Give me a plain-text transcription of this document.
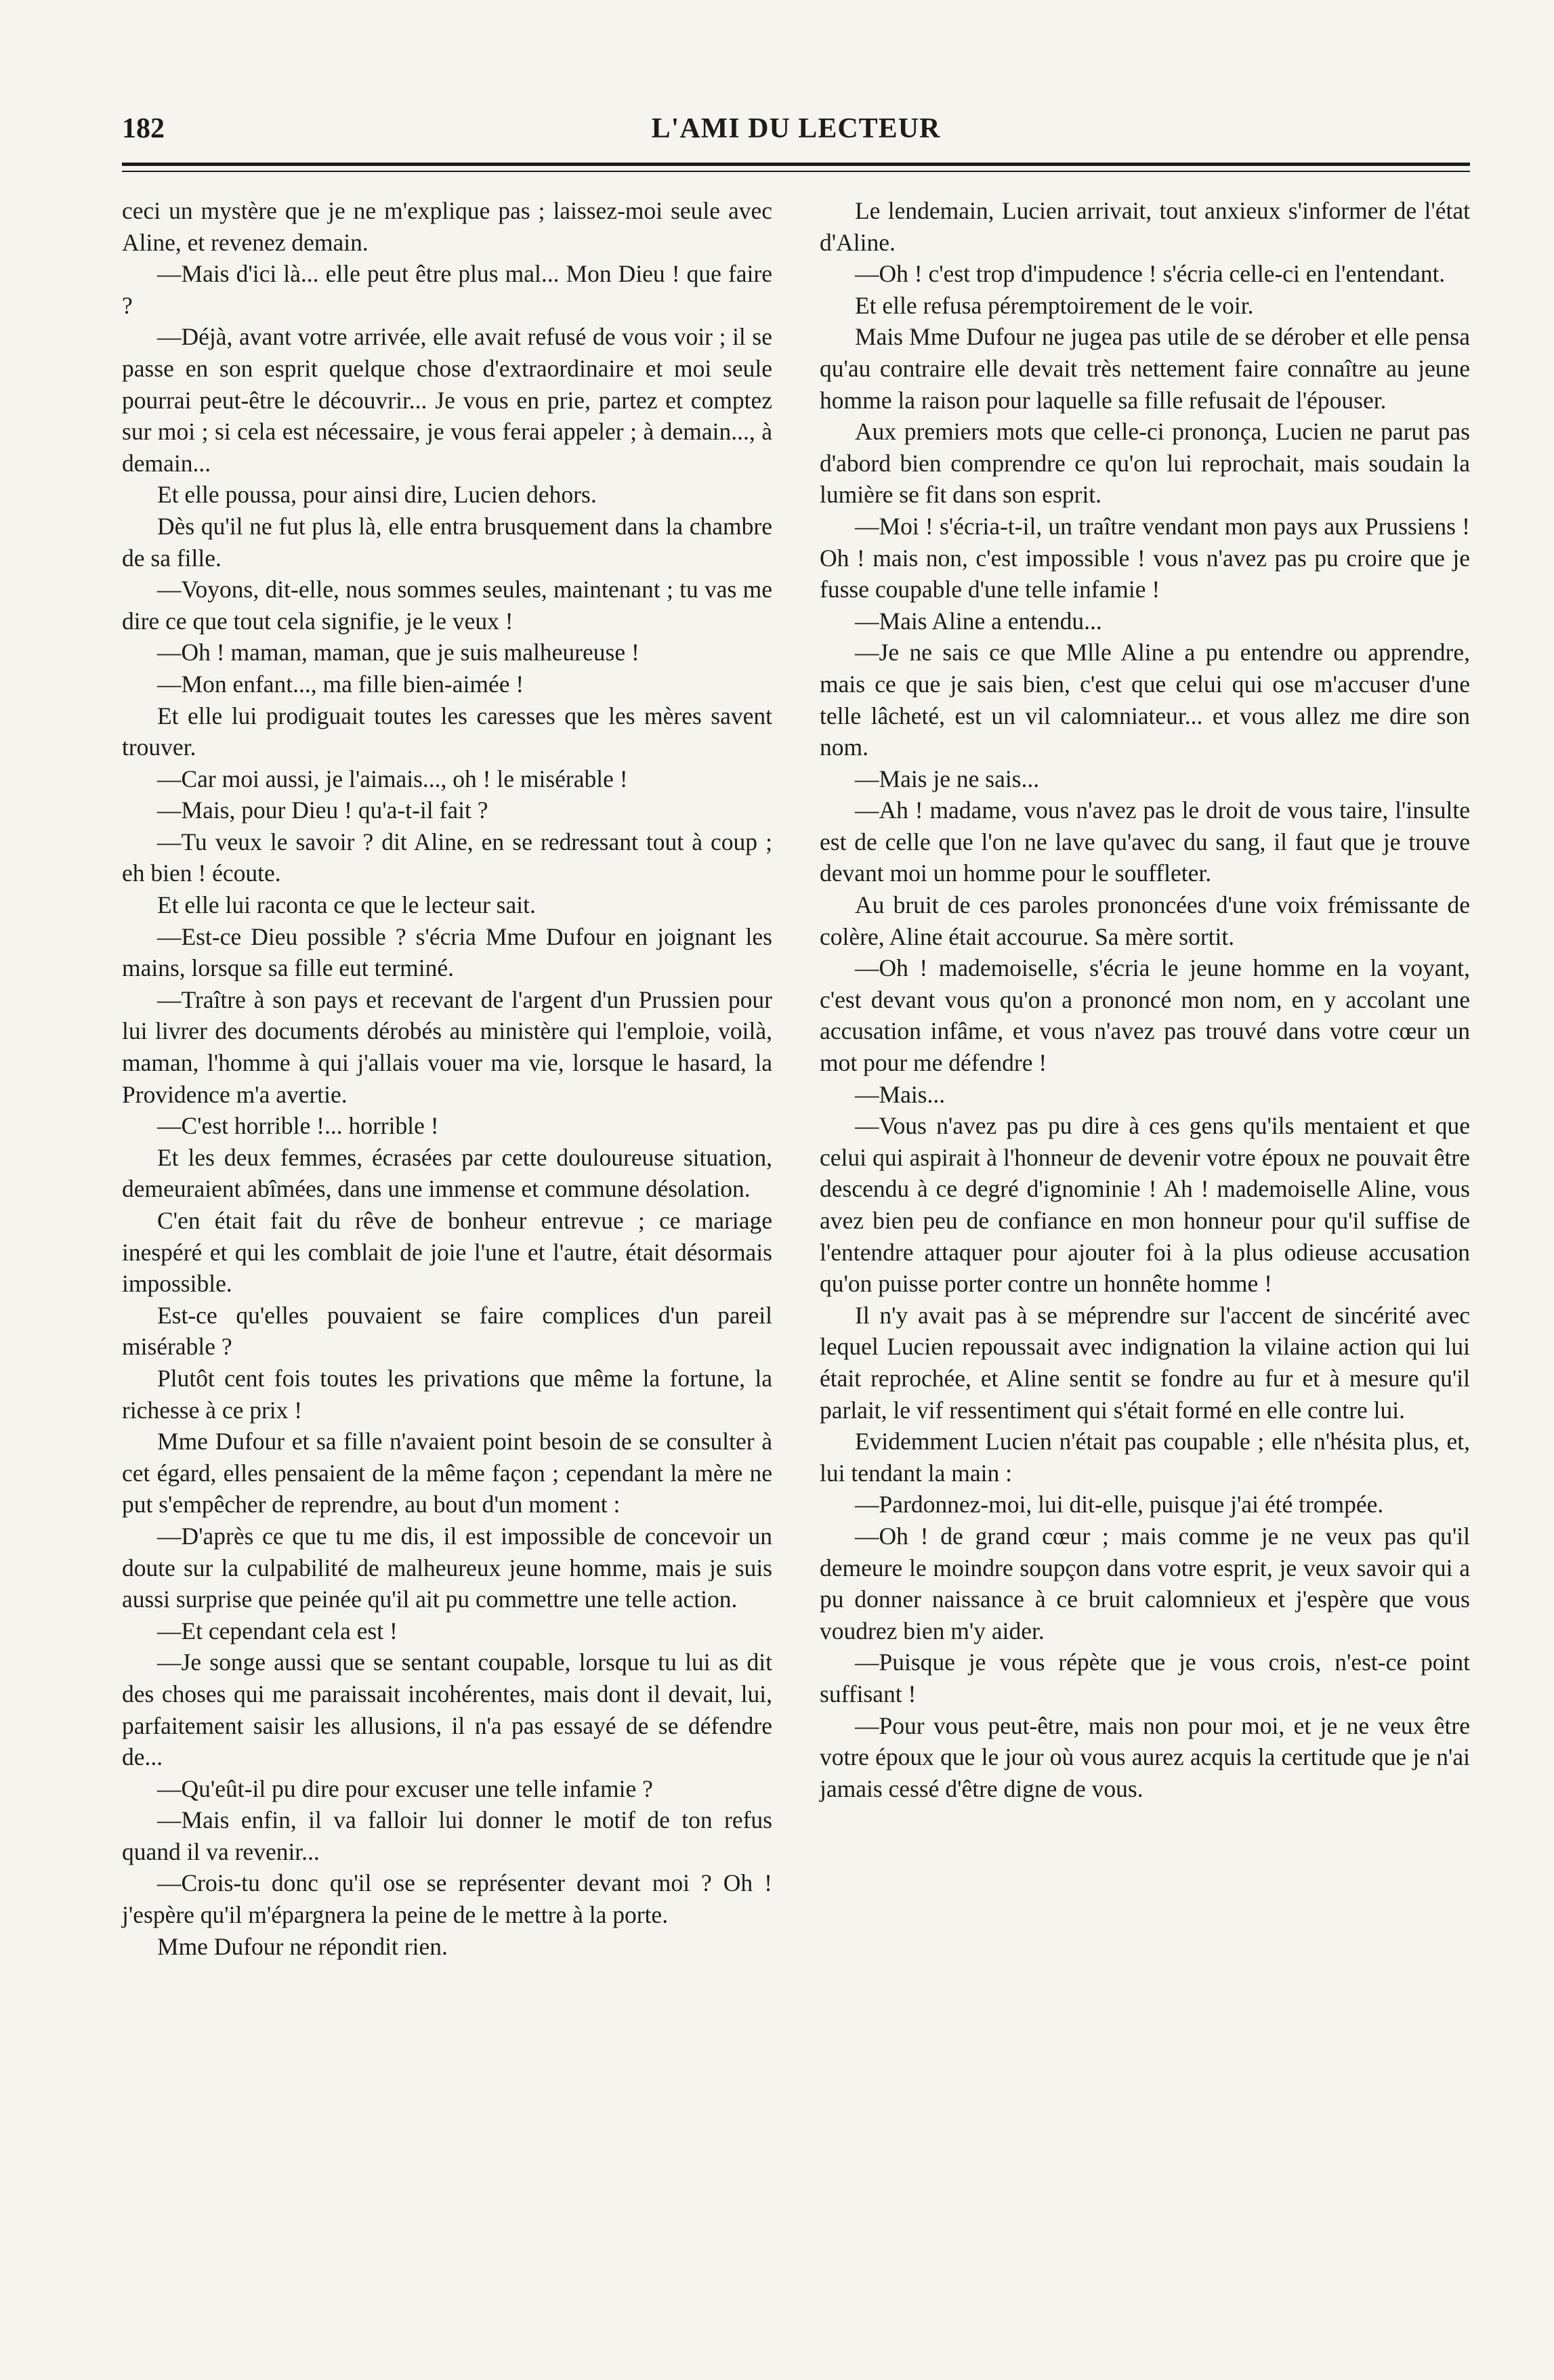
182	L'AMI DU LECTEUR

ceci un mystère que je ne m'explique pas ; laissez-moi seule avec Aline, et revenez demain.

—Mais d'ici là... elle peut être plus mal... Mon Dieu ! que faire ?

—Déjà, avant votre arrivée, elle avait refusé de vous voir ; il se passe en son esprit quelque chose d'extraordinaire et moi seule pourrai peut-être le découvrir... Je vous en prie, partez et comptez sur moi ; si cela est nécessaire, je vous ferai appeler ; à demain..., à demain...

Et elle poussa, pour ainsi dire, Lucien dehors.

Dès qu'il ne fut plus là, elle entra brusquement dans la chambre de sa fille.

—Voyons, dit-elle, nous sommes seules, maintenant ; tu vas me dire ce que tout cela signifie, je le veux !

—Oh ! maman, maman, que je suis malheureuse !

—Mon enfant..., ma fille bien-aimée !

Et elle lui prodiguait toutes les caresses que les mères savent trouver.

—Car moi aussi, je l'aimais..., oh ! le misérable !

—Mais, pour Dieu ! qu'a-t-il fait ?

—Tu veux le savoir ? dit Aline, en se redressant tout à coup ; eh bien ! écoute.

Et elle lui raconta ce que le lecteur sait.

—Est-ce Dieu possible ? s'écria Mme Dufour en joignant les mains, lorsque sa fille eut terminé.

—Traître à son pays et recevant de l'argent d'un Prussien pour lui livrer des documents dérobés au ministère qui l'emploie, voilà, maman, l'homme à qui j'allais vouer ma vie, lorsque le hasard, la Providence m'a avertie.

—C'est horrible !... horrible !

Et les deux femmes, écrasées par cette douloureuse situation, demeuraient abîmées, dans une immense et commune désolation.

C'en était fait du rêve de bonheur entrevue ; ce mariage inespéré et qui les comblait de joie l'une et l'autre, était désormais impossible.

Est-ce qu'elles pouvaient se faire complices d'un pareil misérable ?

Plutôt cent fois toutes les privations que même la fortune, la richesse à ce prix !

Mme Dufour et sa fille n'avaient point besoin de se consulter à cet égard, elles pensaient de la même façon ; cependant la mère ne put s'empêcher de reprendre, au bout d'un moment :

—D'après ce que tu me dis, il est impossible de concevoir un doute sur la culpabilité de malheureux jeune homme, mais je suis aussi surprise que peinée qu'il ait pu commettre une telle action.

—Et cependant cela est !

—Je songe aussi que se sentant coupable, lorsque tu lui as dit des choses qui me paraissait incohérentes, mais dont il devait, lui, parfaitement saisir les allusions, il n'a pas essayé de se défendre de...

—Qu'eût-il pu dire pour excuser une telle infamie ?

—Mais enfin, il va falloir lui donner le motif de ton refus quand il va revenir...

—Crois-tu donc qu'il ose se représenter devant moi ? Oh ! j'espère qu'il m'épargnera la peine de le mettre à la porte.

Mme Dufour ne répondit rien.

Le lendemain, Lucien arrivait, tout anxieux s'informer de l'état d'Aline.

—Oh ! c'est trop d'impudence ! s'écria celle-ci en l'entendant.

Et elle refusa péremptoirement de le voir.

Mais Mme Dufour ne jugea pas utile de se dérober et elle pensa qu'au contraire elle devait très nettement faire connaître au jeune homme la raison pour laquelle sa fille refusait de l'épouser.

Aux premiers mots que celle-ci prononça, Lucien ne parut pas d'abord bien comprendre ce qu'on lui reprochait, mais soudain la lumière se fit dans son esprit.

—Moi ! s'écria-t-il, un traître vendant mon pays aux Prussiens ! Oh ! mais non, c'est impossible ! vous n'avez pas pu croire que je fusse coupable d'une telle infamie !

—Mais Aline a entendu...

—Je ne sais ce que Mlle Aline a pu entendre ou apprendre, mais ce que je sais bien, c'est que celui qui ose m'accuser d'une telle lâcheté, est un vil calomniateur... et vous allez me dire son nom.

—Mais je ne sais...

—Ah ! madame, vous n'avez pas le droit de vous taire, l'insulte est de celle que l'on ne lave qu'avec du sang, il faut que je trouve devant moi un homme pour le souffleter.

Au bruit de ces paroles prononcées d'une voix frémissante de colère, Aline était accourue. Sa mère sortit.

—Oh ! mademoiselle, s'écria le jeune homme en la voyant, c'est devant vous qu'on a prononcé mon nom, en y accolant une accusation infâme, et vous n'avez pas trouvé dans votre cœur un mot pour me défendre !

—Mais...

—Vous n'avez pas pu dire à ces gens qu'ils mentaient et que celui qui aspirait à l'honneur de devenir votre époux ne pouvait être descendu à ce degré d'ignominie ! Ah ! mademoiselle Aline, vous avez bien peu de confiance en mon honneur pour qu'il suffise de l'entendre attaquer pour ajouter foi à la plus odieuse accusation qu'on puisse porter contre un honnête homme !

Il n'y avait pas à se méprendre sur l'accent de sincérité avec lequel Lucien repoussait avec indignation la vilaine action qui lui était reprochée, et Aline sentit se fondre au fur et à mesure qu'il parlait, le vif ressentiment qui s'était formé en elle contre lui.

Evidemment Lucien n'était pas coupable ; elle n'hésita plus, et, lui tendant la main :

—Pardonnez-moi, lui dit-elle, puisque j'ai été trompée.

—Oh ! de grand cœur ; mais comme je ne veux pas qu'il demeure le moindre soupçon dans votre esprit, je veux savoir qui a pu donner naissance à ce bruit calomnieux et j'espère que vous voudrez bien m'y aider.

—Puisque je vous répète que je vous crois, n'est-ce point suffisant !

—Pour vous peut-être, mais non pour moi, et je ne veux être votre époux que le jour où vous aurez acquis la certitude que je n'ai jamais cessé d'être digne de vous.
